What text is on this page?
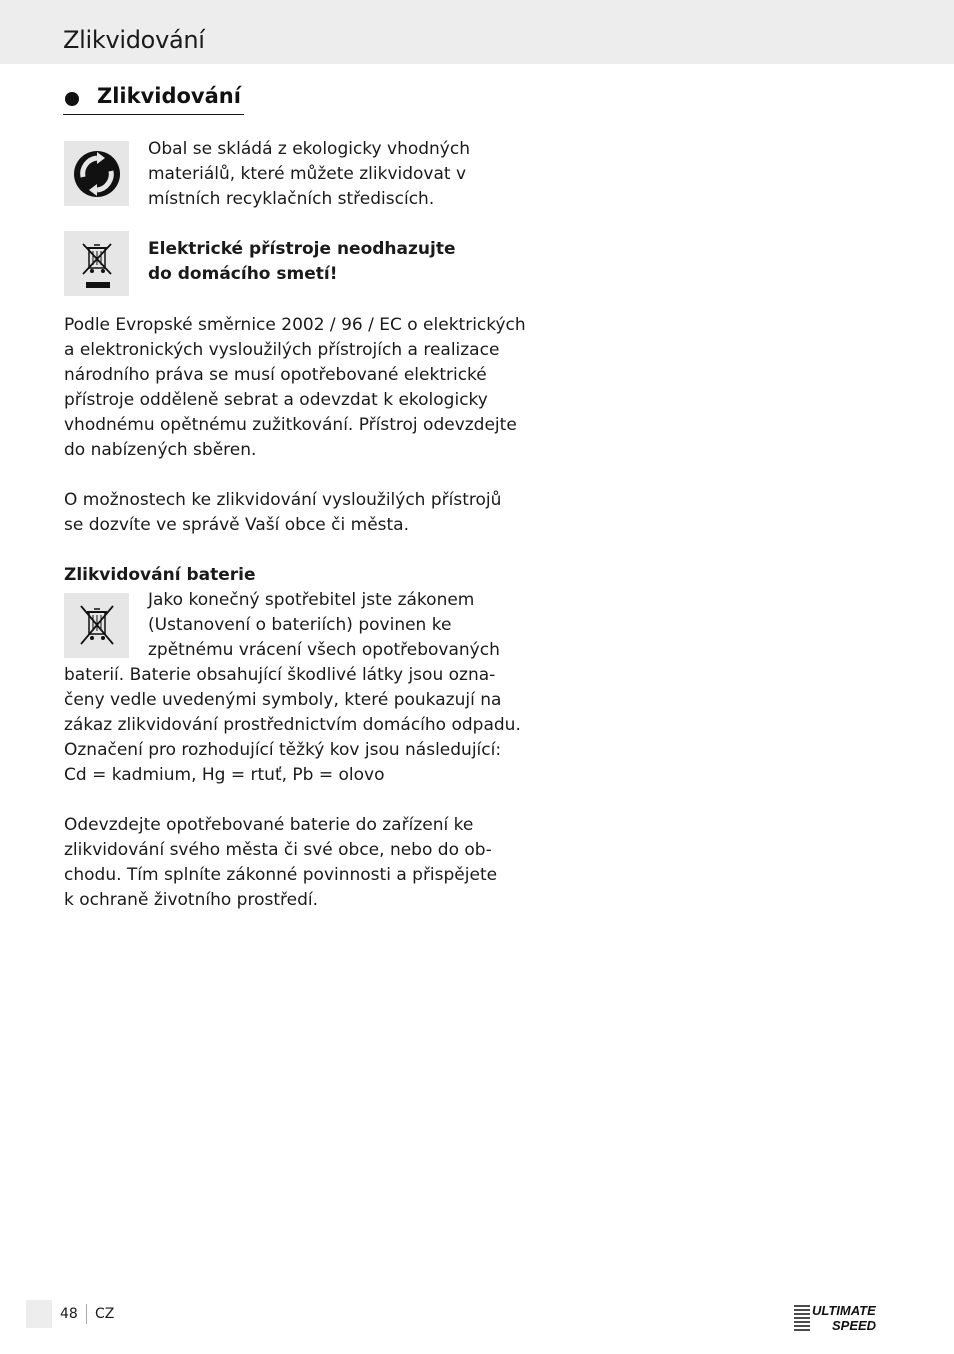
Zlikvidování
Zlikvidování
Obal se skládá z ekologicky vhodných
materiálů, které můžete zlikvidovat v
místních recyklačních střediscích.
Elektrické přístroje neodhazujte
do domácího smetí!
Podle Evropské směrnice 2002 / 96 / EC o elektrických
a elektronických vysloužilých přístrojích a realizace
národního práva se musí opotřebované elektrické
přístroje odděleně sebrat a odevzdat k ekologicky
vhodnému opětnému zužitkování. Přístroj odevzdejte
do nabízených sběren.
O možnostech ke zlikvidování vysloužilých přístrojů
se dozvíte ve správě Vaší obce či města.
Zlikvidování baterie
Jako konečný spotřebitel jste zákonem
(Ustanovení o bateriích) povinen ke
zpětnému vrácení všech opotřebovaných
baterií. Baterie obsahující škodlivé látky jsou ozna-
čeny vedle uvedenými symboly, které poukazují na
zákaz zlikvidování prostřednictvím domácího odpadu.
Označení pro rozhodující těžký kov jsou následující:
Cd = kadmium, Hg = rtuť, Pb = olovo
Odevzdejte opotřebované baterie do zařízení ke
zlikvidování svého města či své obce, nebo do ob-
chodu. Tím splníte zákonné povinnosti a přispějete
k ochraně životního prostředí.
48 CZ	ULTIMATE
SPEED
